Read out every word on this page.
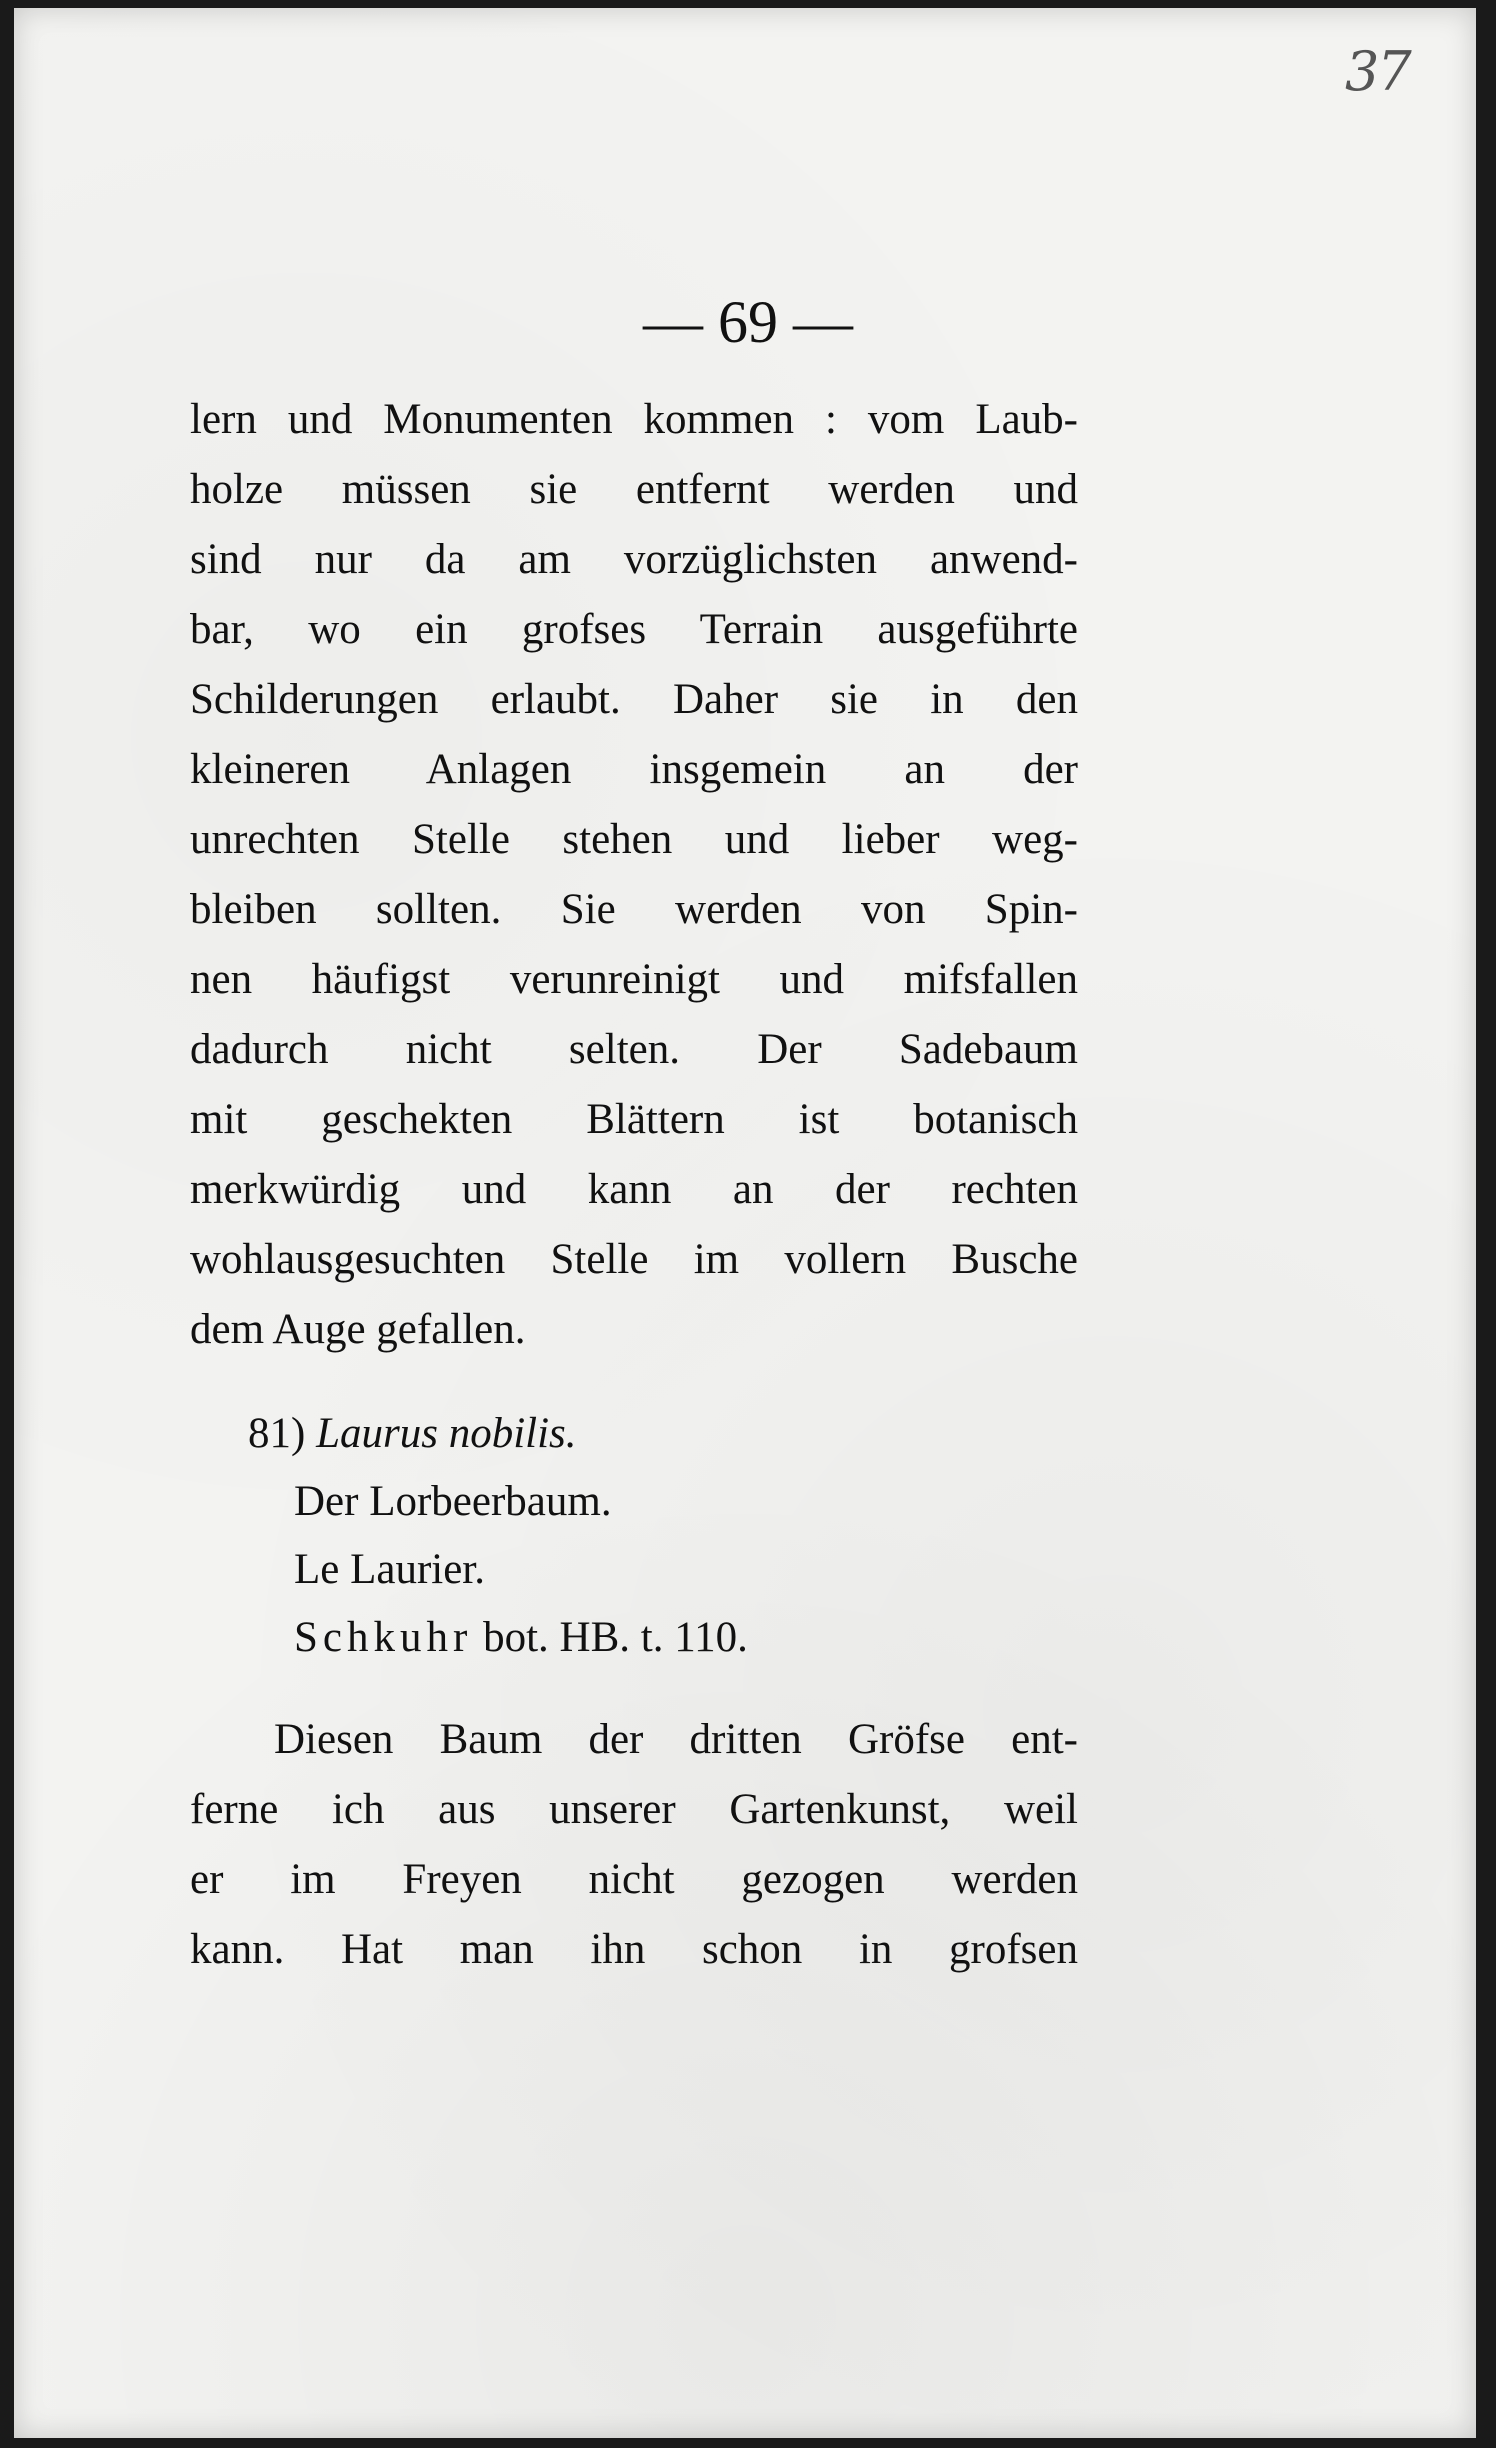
37
— 69 —
lern und Monumenten kommen : vom Laub-
holze müssen sie entfernt werden und
sind nur da am vorzüglichsten anwend-
bar, wo ein grofses Terrain ausgeführte
Schilderungen erlaubt. Daher sie in den
kleineren Anlagen insgemein an der
unrechten Stelle stehen und lieber weg-
bleiben sollten. Sie werden von Spin-
nen häufigst verunreinigt und mifsfallen
dadurch nicht selten. Der Sadebaum
mit geschekten Blättern ist botanisch
merkwürdig und kann an der rechten
wohlausgesuchten Stelle im vollern Busche
dem Auge gefallen.
81) Laurus nobilis.
Der Lorbeerbaum.
Le Laurier.
Schkuhr bot. HB. t. 110.
Diesen Baum der dritten Gröfse ent-
ferne ich aus unserer Gartenkunst, weil
er im Freyen nicht gezogen werden
kann. Hat man ihn schon in grofsen
